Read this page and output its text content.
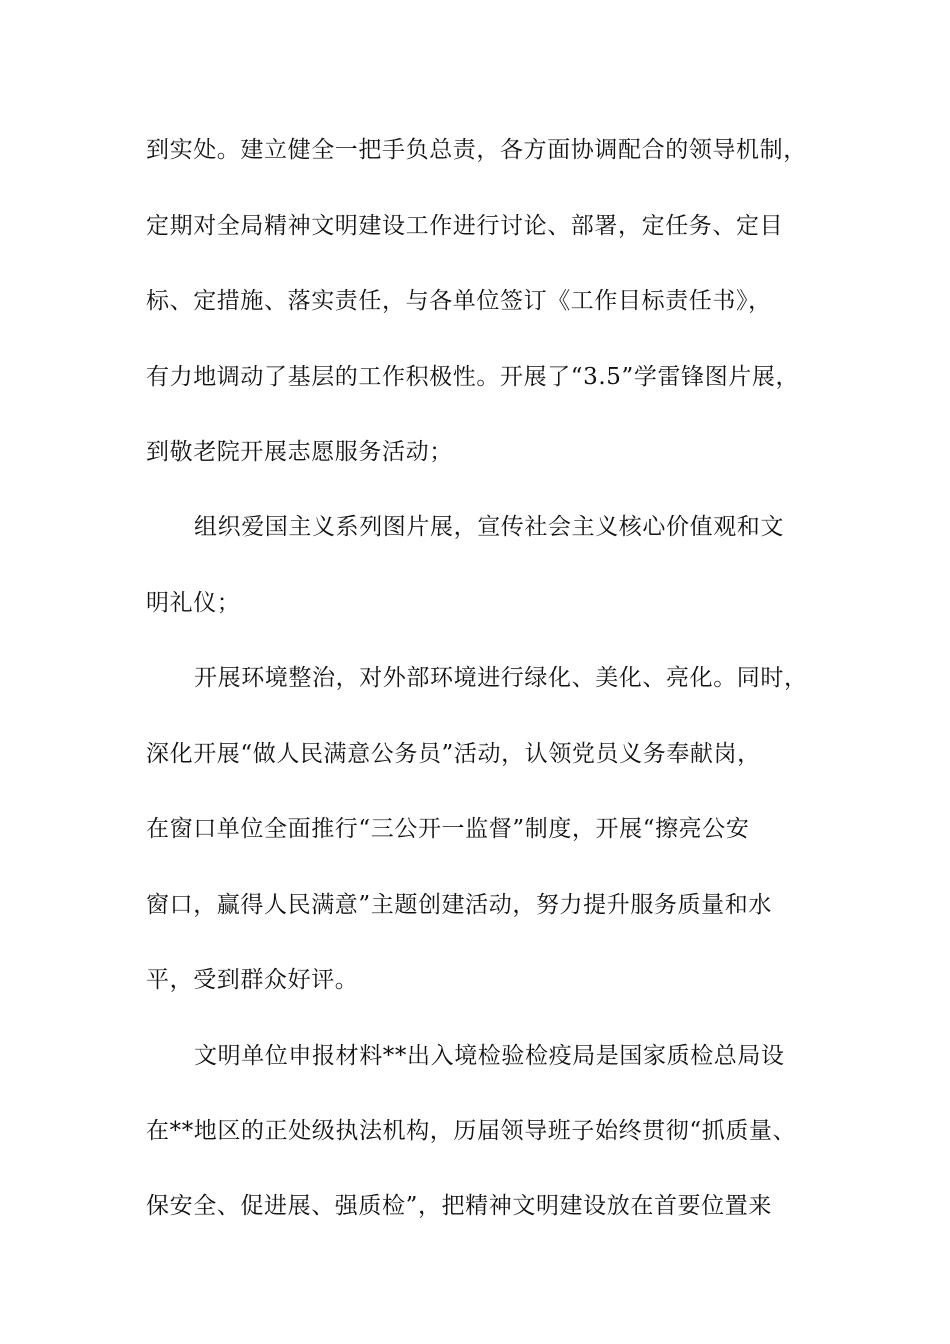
到实处。建立健全一把手负总责，各方面协调配合的领导机制，
定期对全局精神文明建设工作进行讨论、部署，定任务、定目
标、定措施、落实责任，与各单位签订《工作目标责任书》，
有力地调动了基层的工作积极性。开展了“3.5”学雷锋图片展，
到敬老院开展志愿服务活动；
组织爱国主义系列图片展，宣传社会主义核心价值观和文
明礼仪；
开展环境整治，对外部环境进行绿化、美化、亮化。同时，
深化开展“做人民满意公务员”活动，认领党员义务奉献岗，
在窗口单位全面推行“三公开一监督”制度，开展“擦亮公安
窗口，赢得人民满意”主题创建活动，努力提升服务质量和水
平，受到群众好评。
文明单位申报材料**出入境检验检疫局是国家质检总局设
在**地区的正处级执法机构，历届领导班子始终贯彻“抓质量、
保安全、促进展、强质检”，把精神文明建设放在首要位置来
